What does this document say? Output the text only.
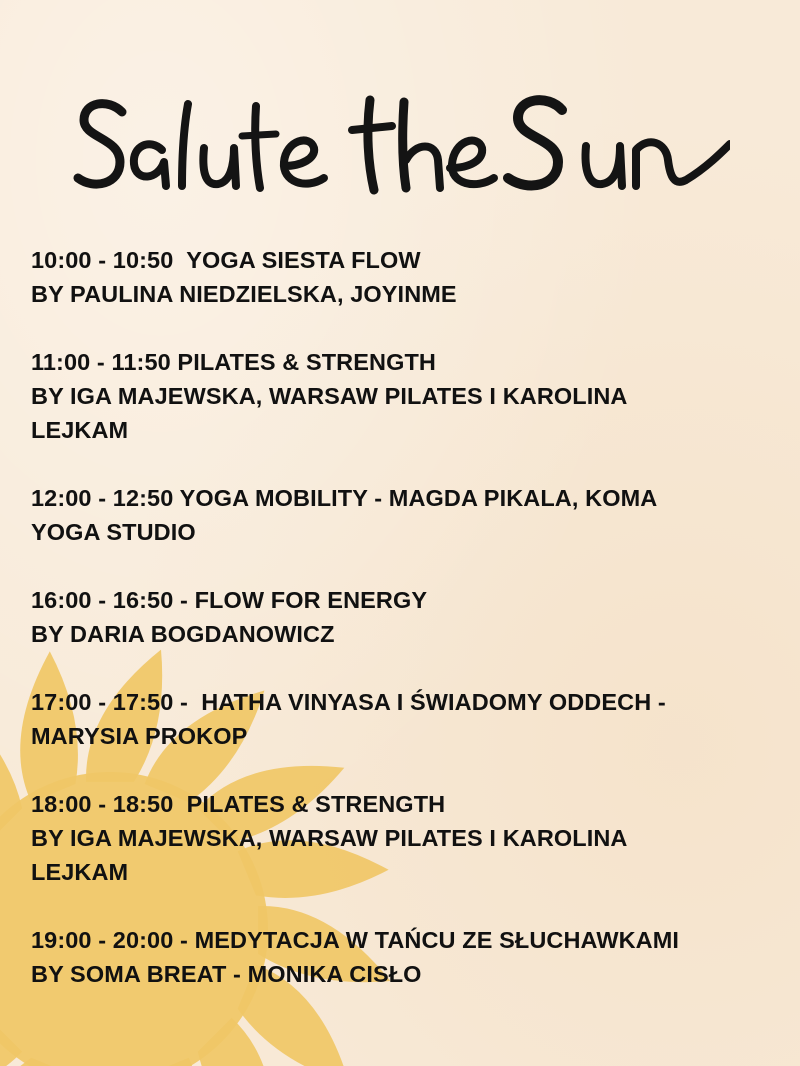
10:00 - 10:50  YOGA SIESTA FLOW
BY PAULINA NIEDZIELSKA, JOYINME
11:00 - 11:50 PILATES & STRENGTH
BY IGA MAJEWSKA, WARSAW PILATES I KAROLINA
LEJKAM
12:00 - 12:50 YOGA MOBILITY - MAGDA PIKALA, KOMA
YOGA STUDIO
16:00 - 16:50 - FLOW FOR ENERGY
BY DARIA BOGDANOWICZ
17:00 - 17:50 -  HATHA VINYASA I ŚWIADOMY ODDECH -
MARYSIA PROKOP
18:00 - 18:50  PILATES & STRENGTH
BY IGA MAJEWSKA, WARSAW PILATES I KAROLINA
LEJKAM
19:00 - 20:00 - MEDYTACJA W TAŃCU ZE SŁUCHAWKAMI
BY SOMA BREAT - MONIKA CISŁO
